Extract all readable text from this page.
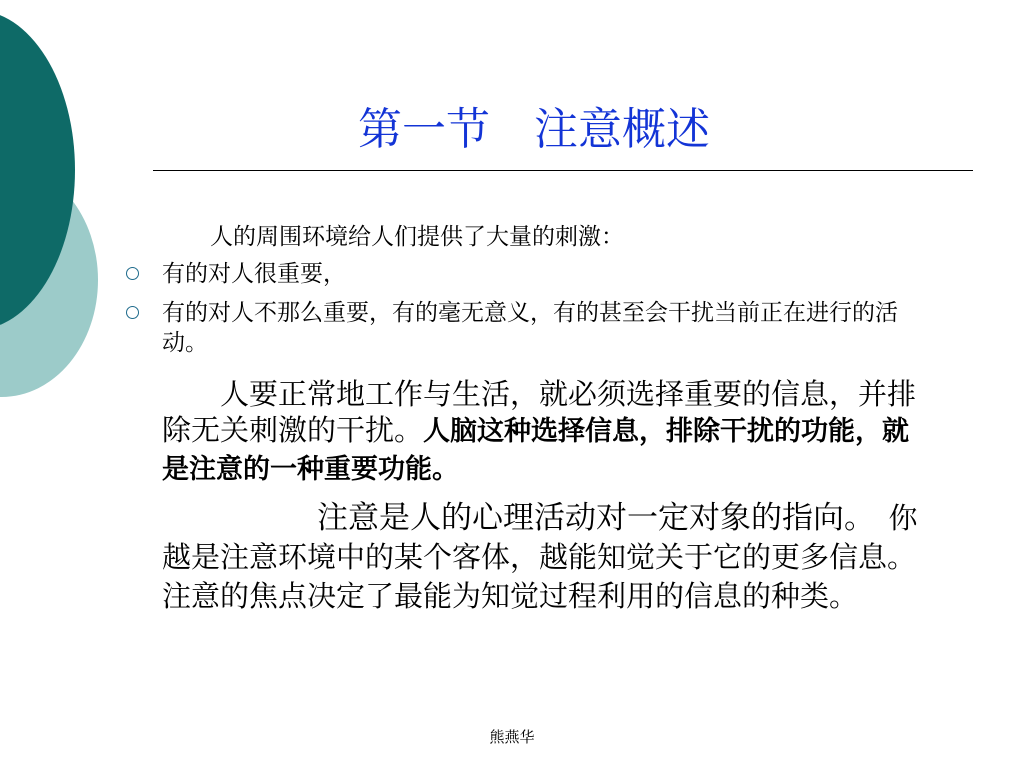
第一节　注意概述
人的周围环境给人们提供了大量的刺激：
有的对人很重要，
有的对人不那么重要，有的毫无意义，有的甚至会干扰当前正在进行的活动。
　　人要正常地工作与生活，就必须选择重要的信息，并排除无关刺激的干扰。人脑这种选择信息，排除干扰的功能，就是注意的一种重要功能。
　　　　　注意是人的心理活动对一定对象的指向。　你越是注意环境中的某个客体，越能知觉关于它的更多信息。注意的焦点决定了最能为知觉过程利用的信息的种类。
熊燕华
